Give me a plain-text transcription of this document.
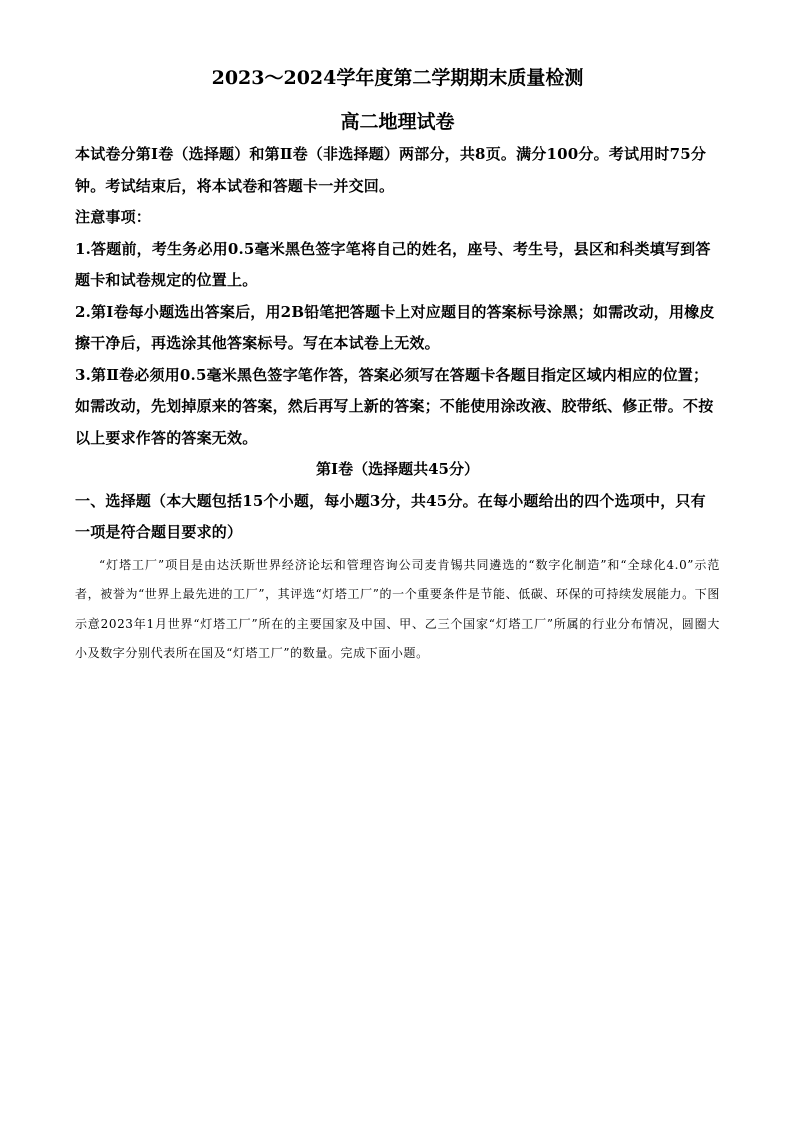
2023～2024学年度第二学期期末质量检测
高二地理试卷

本试卷分第Ⅰ卷（选择题）和第Ⅱ卷（非选择题）两部分，共8页。满分100分。考试用时75分钟。考试结束后，将本试卷和答题卡一并交回。

注意事项：

1.答题前，考生务必用0.5毫米黑色签字笔将自己的姓名，座号、考生号，县区和科类填写到答题卡和试卷规定的位置上。

2.第Ⅰ卷每小题选出答案后，用2B铅笔把答题卡上对应题目的答案标号涂黑；如需改动，用橡皮擦干净后，再选涂其他答案标号。写在本试卷上无效。

3.第Ⅱ卷必须用0.5毫米黑色签字笔作答，答案必须写在答题卡各题目指定区域内相应的位置；如需改动，先划掉原来的答案，然后再写上新的答案；不能使用涂改液、胶带纸、修正带。不按以上要求作答的答案无效。

第Ⅰ卷（选择题共45分）

一、选择题（本大题包括15个小题，每小题3分，共45分。在每小题给出的四个选项中，只有一项是符合题目要求的）

“灯塔工厂”项目是由达沃斯世界经济论坛和管理咨询公司麦肯锡共同遴选的“数字化制造”和“全球化4.0”示范者，被誉为“世界上最先进的工厂”，其评选“灯塔工厂”的一个重要条件是节能、低碳、环保的可持续发展能力。下图示意2023年1月世界“灯塔工厂”所在的主要国家及中国、甲、乙三个国家“灯塔工厂”所属的行业分布情况，圆圈大小及数字分别代表所在国及“灯塔工厂”的数量。完成下面小题。
